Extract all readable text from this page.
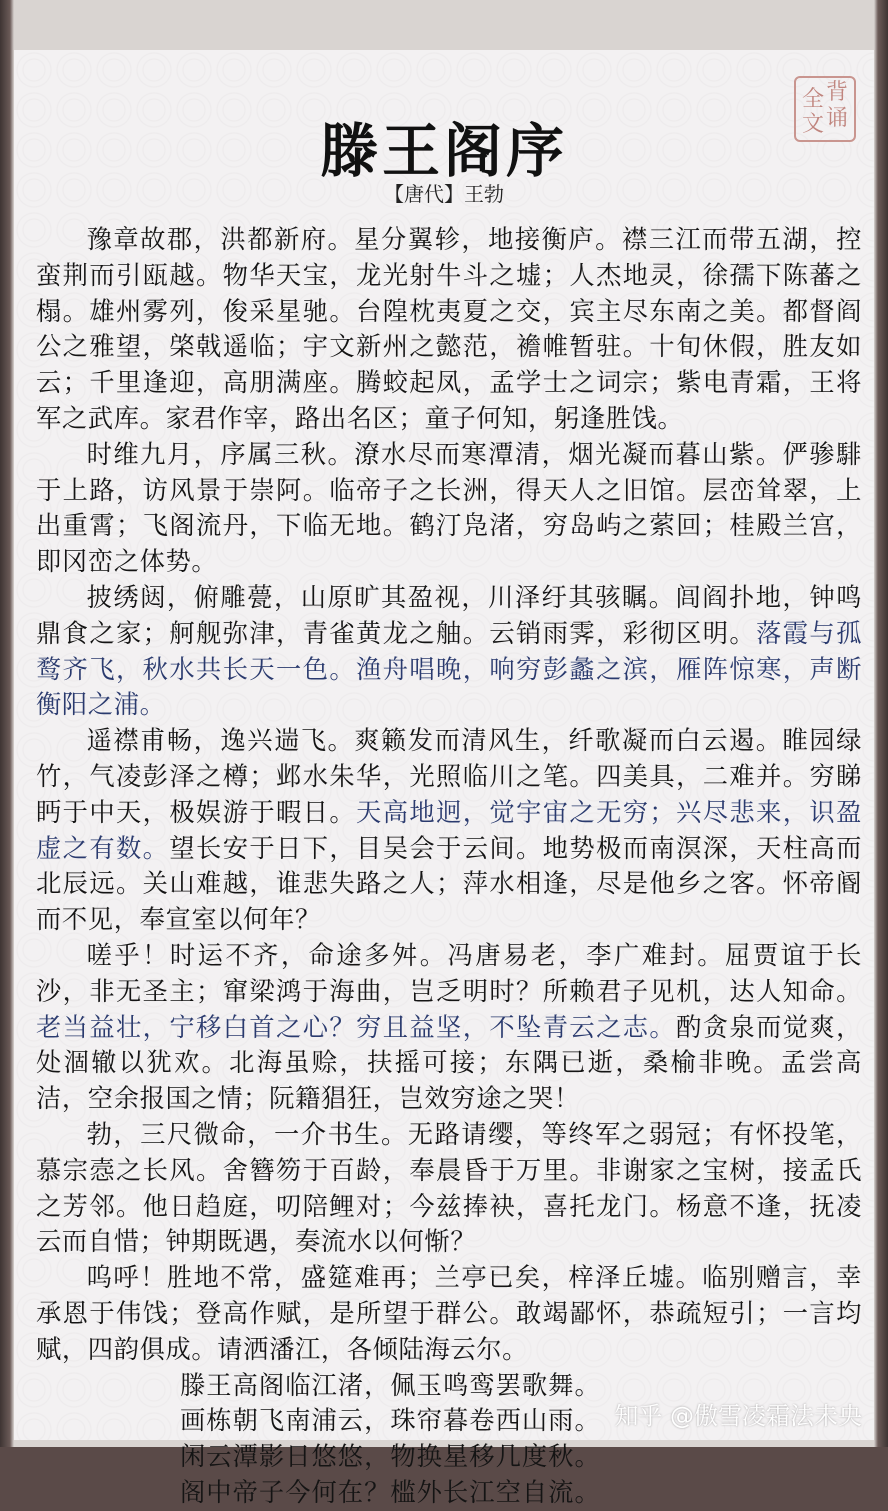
背
诵
全
文
滕王阁序
【唐代】王勃

豫章故郡，洪都新府。星分翼轸，地接衡庐。襟三江而带五湖，控蛮荆而引瓯越。物华天宝，龙光射牛斗之墟；人杰地灵，徐孺下陈蕃之榻。雄州雾列，俊采星驰。台隍枕夷夏之交，宾主尽东南之美。都督阎公之雅望，棨戟遥临；宇文新州之懿范，襜帷暂驻。十旬休假，胜友如云；千里逢迎，高朋满座。腾蛟起凤，孟学士之词宗；紫电青霜，王将军之武库。家君作宰，路出名区；童子何知，躬逢胜饯。

时维九月，序属三秋。潦水尽而寒潭清，烟光凝而暮山紫。俨骖騑于上路，访风景于崇阿。临帝子之长洲，得天人之旧馆。层峦耸翠，上出重霄；飞阁流丹，下临无地。鹤汀凫渚，穷岛屿之萦回；桂殿兰宫，即冈峦之体势。

披绣闼，俯雕甍，山原旷其盈视，川泽纡其骇瞩。闾阎扑地，钟鸣鼎食之家；舸舰弥津，青雀黄龙之舳。云销雨霁，彩彻区明。落霞与孤鹜齐飞，秋水共长天一色。渔舟唱晚，响穷彭蠡之滨，雁阵惊寒，声断衡阳之浦。

遥襟甫畅，逸兴遄飞。爽籁发而清风生，纤歌凝而白云遏。睢园绿竹，气凌彭泽之樽；邺水朱华，光照临川之笔。四美具，二难并。穷睇眄于中天，极娱游于暇日。天高地迥，觉宇宙之无穷；兴尽悲来，识盈虚之有数。望长安于日下，目吴会于云间。地势极而南溟深，天柱高而北辰远。关山难越，谁悲失路之人；萍水相逢，尽是他乡之客。怀帝阍而不见，奉宣室以何年？

嗟乎！时运不齐，命途多舛。冯唐易老，李广难封。屈贾谊于长沙，非无圣主；窜梁鸿于海曲，岂乏明时？所赖君子见机，达人知命。老当益壮，宁移白首之心？穷且益坚，不坠青云之志。酌贪泉而觉爽，处涸辙以犹欢。北海虽赊，扶摇可接；东隅已逝，桑榆非晚。孟尝高洁，空余报国之情；阮籍猖狂，岂效穷途之哭！

勃，三尺微命，一介书生。无路请缨，等终军之弱冠；有怀投笔，慕宗悫之长风。舍簪笏于百龄，奉晨昏于万里。非谢家之宝树，接孟氏之芳邻。他日趋庭，叨陪鲤对；今兹捧袂，喜托龙门。杨意不逢，抚凌云而自惜；钟期既遇，奏流水以何惭？

呜呼！胜地不常，盛筵难再；兰亭已矣，梓泽丘墟。临别赠言，幸承恩于伟饯；登高作赋，是所望于群公。敢竭鄙怀，恭疏短引；一言均赋，四韵俱成。请洒潘江，各倾陆海云尔。

滕王高阁临江渚，佩玉鸣鸾罢歌舞。

画栋朝飞南浦云，珠帘暮卷西山雨。

闲云潭影日悠悠，物换星移几度秋。

阁中帝子今何在？槛外长江空自流。

知乎 @傲雪凌霜法未央
